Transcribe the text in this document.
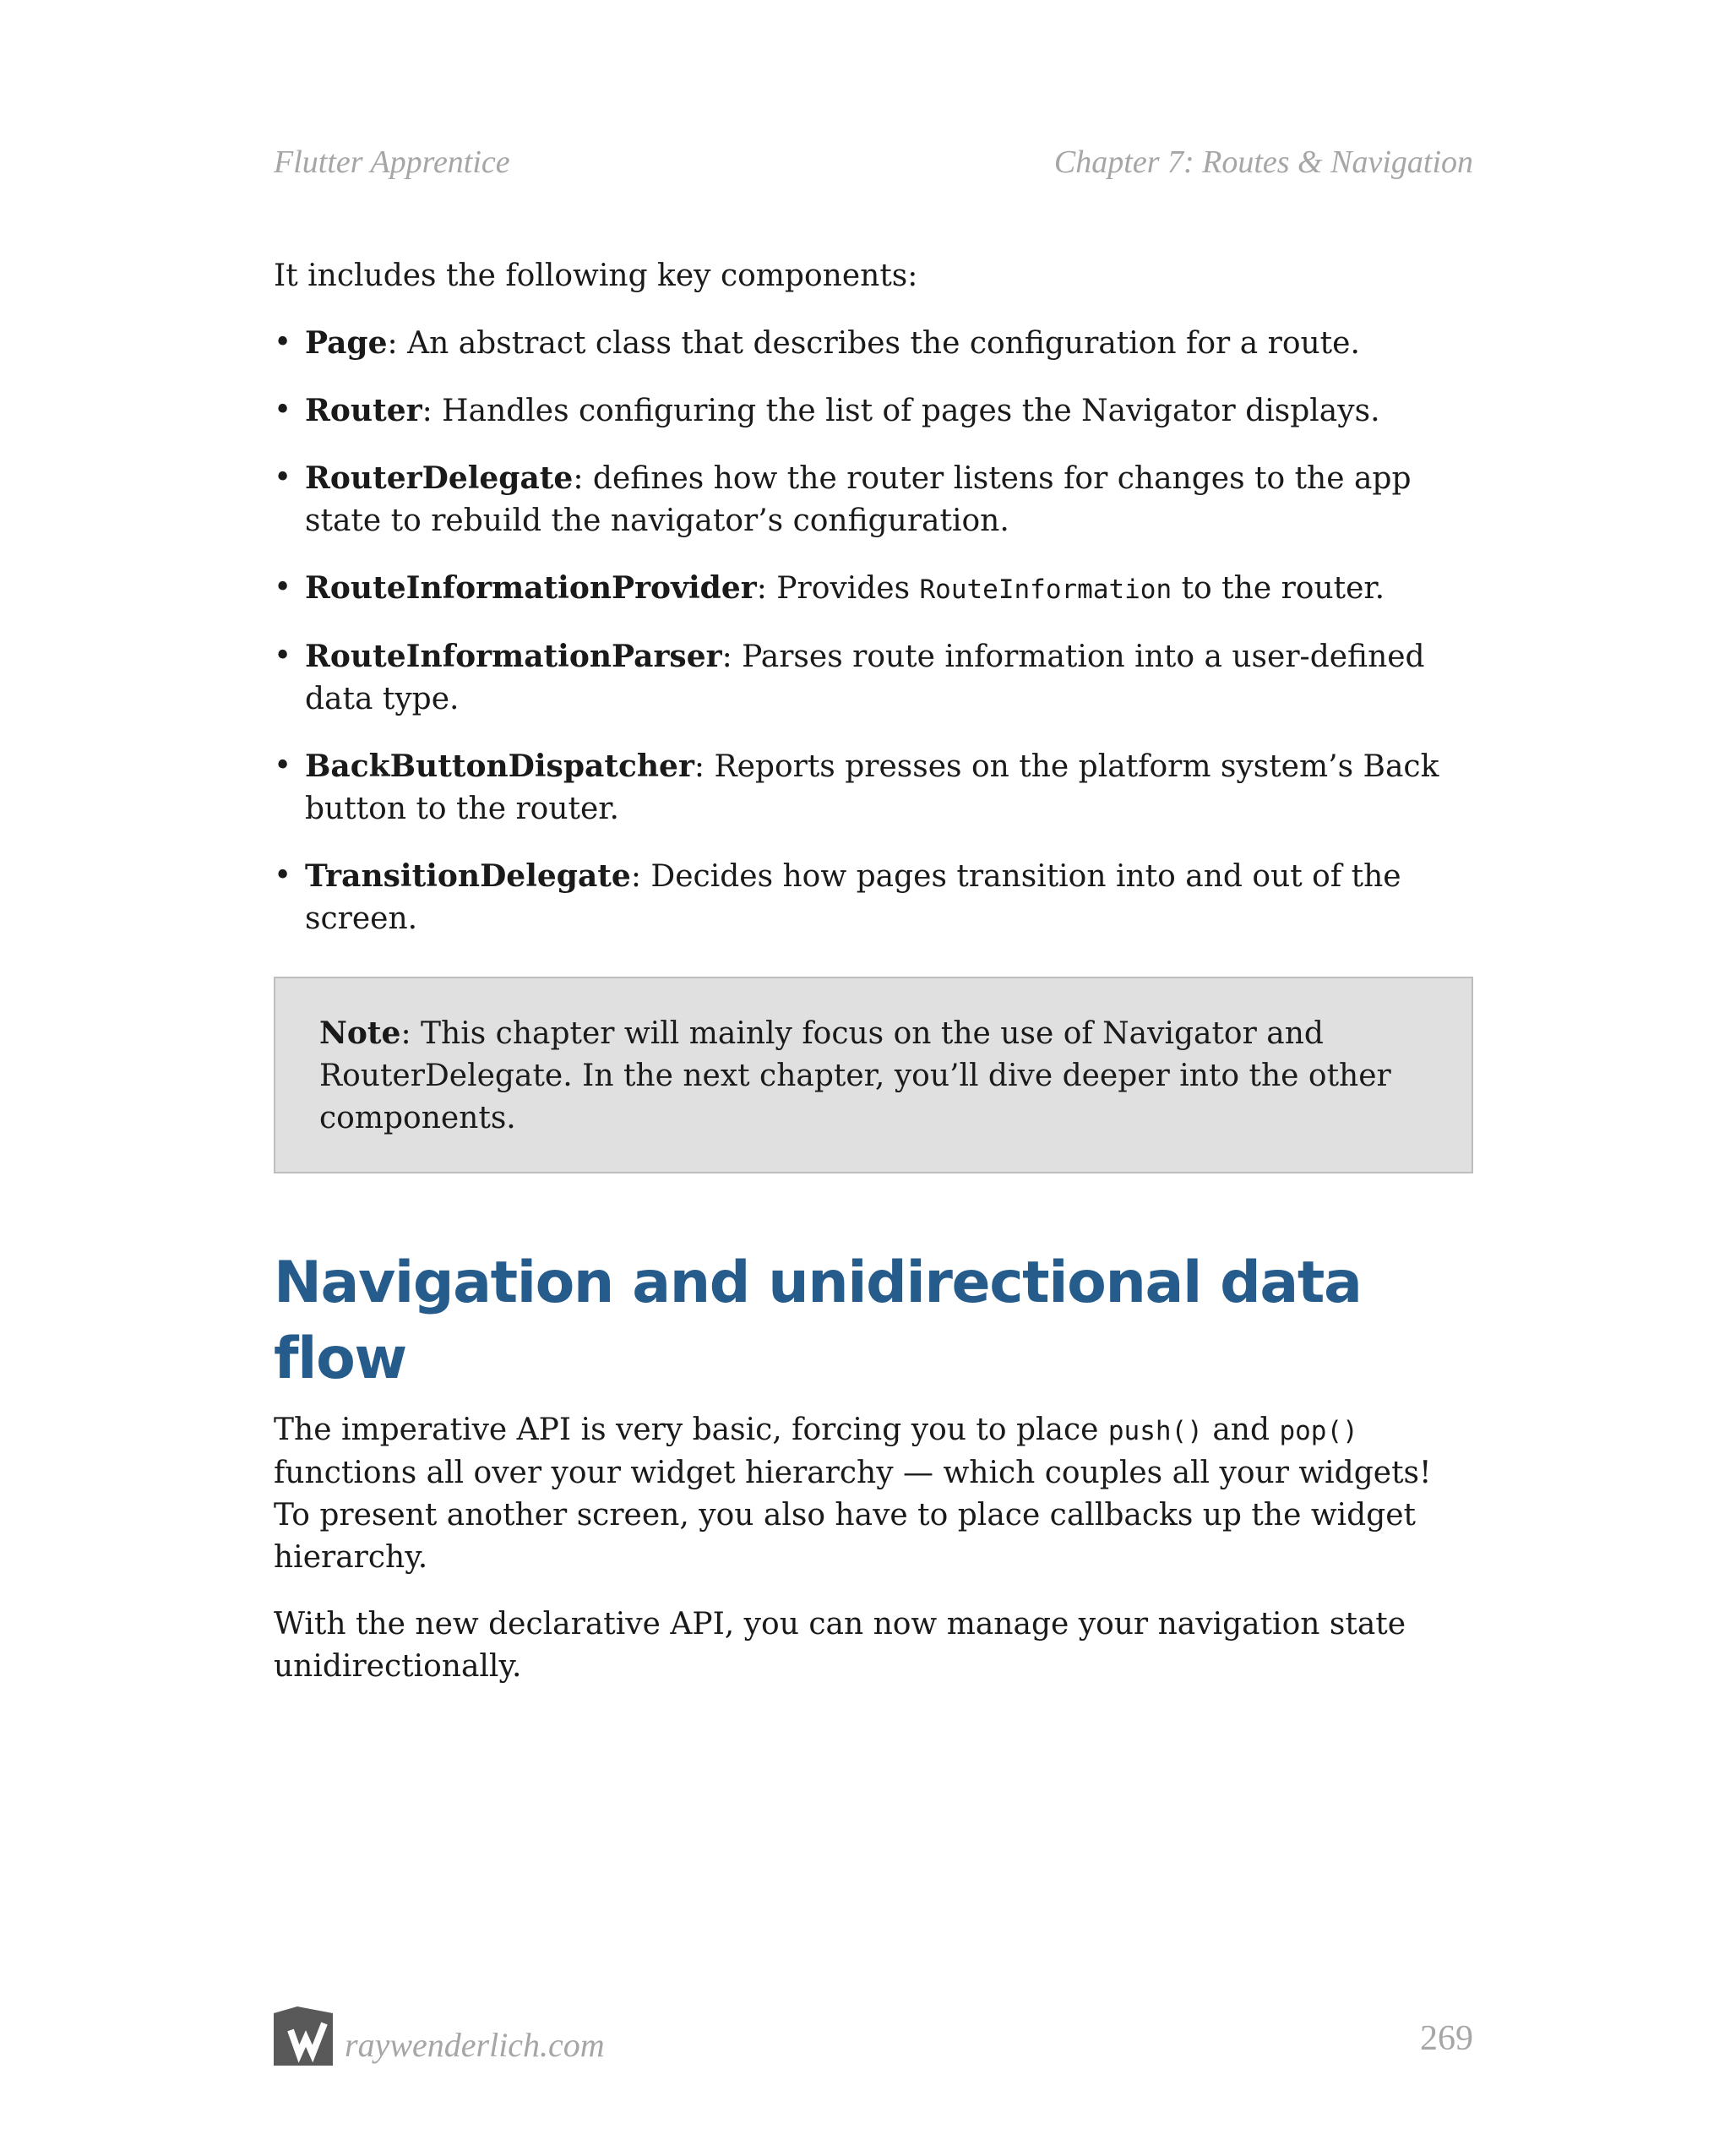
Flutter Apprentice	Chapter 7: Routes & Navigation

It includes the following key components:

• Page: An abstract class that describes the configuration for a route.
• Router: Handles configuring the list of pages the Navigator displays.
• RouterDelegate: defines how the router listens for changes to the app state to rebuild the navigator’s configuration.
• RouteInformationProvider: Provides RouteInformation to the router.
• RouteInformationParser: Parses route information into a user-defined data type.
• BackButtonDispatcher: Reports presses on the platform system’s Back button to the router.
• TransitionDelegate: Decides how pages transition into and out of the screen.
Note: This chapter will mainly focus on the use of Navigator and RouterDelegate. In the next chapter, you’ll dive deeper into the other components.
Navigation and unidirectional data flow

The imperative API is very basic, forcing you to place push() and pop() functions all over your widget hierarchy — which couples all your widgets! To present another screen, you also have to place callbacks up the widget hierarchy.

With the new declarative API, you can now manage your navigation state unidirectionally.

raywenderlich.com	269
